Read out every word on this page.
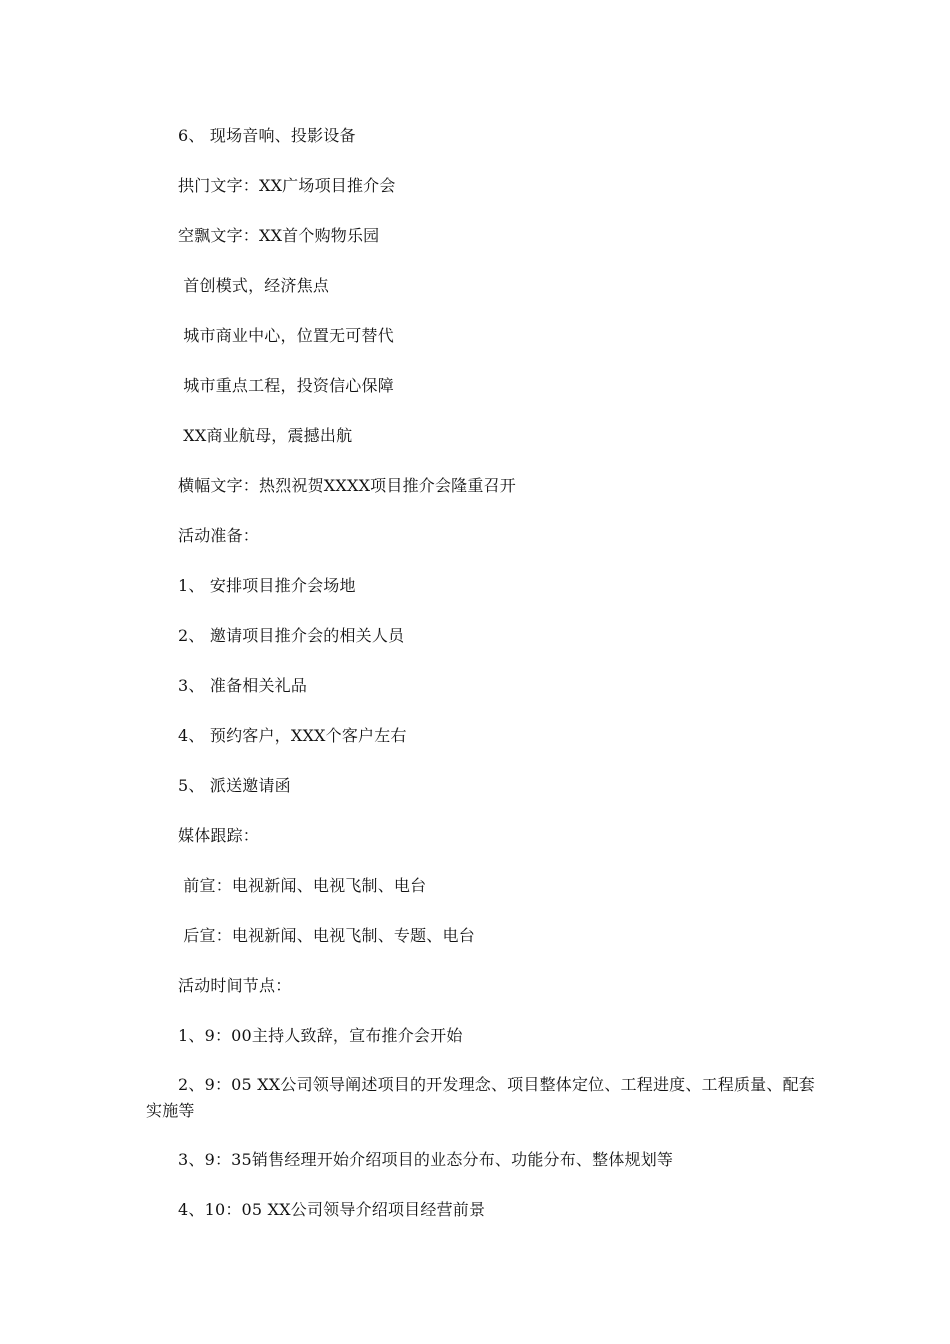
6、 现场音响、投影设备
拱门文字：XX广场项目推介会
空飘文字：XX首个购物乐园
首创模式，经济焦点
城市商业中心，位置无可替代
城市重点工程，投资信心保障
XX商业航母，震撼出航
横幅文字：热烈祝贺XXXX项目推介会隆重召开
活动准备：
1、 安排项目推介会场地
2、 邀请项目推介会的相关人员
3、 准备相关礼品
4、 预约客户，XXX个客户左右
5、 派送邀请函
媒体跟踪：
前宣：电视新闻、电视飞制、电台
后宣：电视新闻、电视飞制、专题、电台
活动时间节点：
1、9：00主持人致辞，宣布推介会开始
2、9：05 XX公司领导阐述项目的开发理念、项目整体定位、工程进度、工程质量、配套实施等
3、9：35销售经理开始介绍项目的业态分布、功能分布、整体规划等
4、10：05 XX公司领导介绍项目经营前景
